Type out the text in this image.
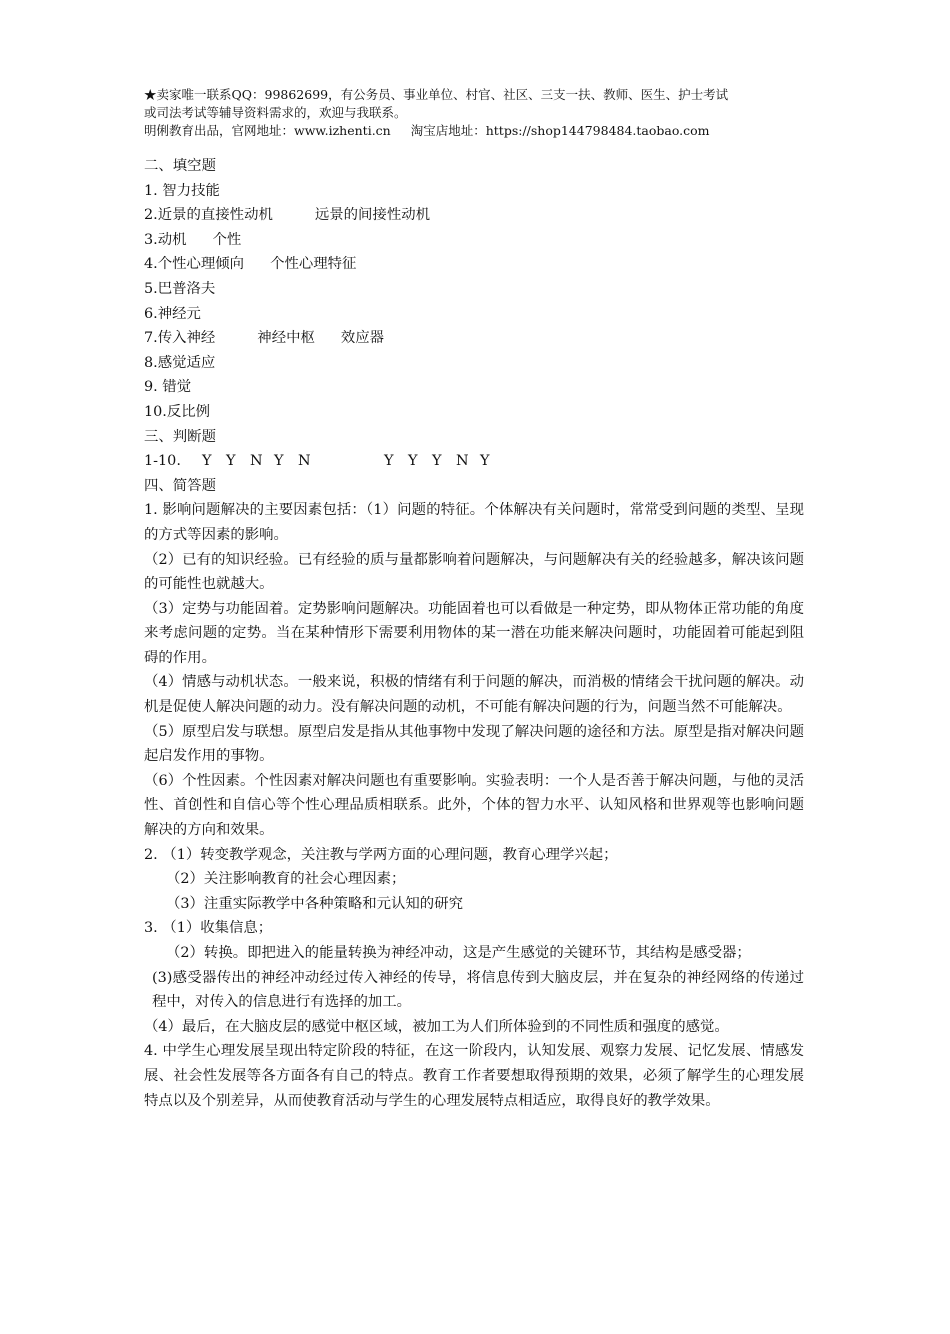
★卖家唯一联系QQ：99862699，有公务员、事业单位、村官、社区、三支一扶、教师、医生、护士考试
或司法考试等辅导资料需求的，欢迎与我联系。
明俐教育出品，官网地址：www.izhenti.cn 淘宝店地址：https://shop144798484.taobao.com
二、填空题
1. 智力技能
2.近景的直接性动机	远景的间接性动机
3.动机 个性
4.个性心理倾向 个性心理特征
5.巴普洛夫
6.神经元
7.传入神经	神经中枢 效应器
8.感觉适应
9. 错觉
10.反比例
三、判断题
1-10. Y Y N Y N	Y Y Y N Y
四、简答题
1. 影响问题解决的主要因素包括：（1）问题的特征。个体解决有关问题时，常常受到问题的类型、呈现的方式等因素的影响。
（2）已有的知识经验。已有经验的质与量都影响着问题解决，与问题解决有关的经验越多，解决该问题的可能性也就越大。
（3）定势与功能固着。定势影响问题解决。功能固着也可以看做是一种定势，即从物体正常功能的角度来考虑问题的定势。当在某种情形下需要利用物体的某一潜在功能来解决问题时，功能固着可能起到阻碍的作用。
（4）情感与动机状态。一般来说，积极的情绪有利于问题的解决，而消极的情绪会干扰问题的解决。动机是促使人解决问题的动力。没有解决问题的动机，不可能有解决问题的行为，问题当然不可能解决。
（5）原型启发与联想。原型启发是指从其他事物中发现了解决问题的途径和方法。原型是指对解决问题起启发作用的事物。
（6）个性因素。个性因素对解决问题也有重要影响。实验表明：一个人是否善于解决问题，与他的灵活性、首创性和自信心等个性心理品质相联系。此外，个体的智力水平、认知风格和世界观等也影响问题解决的方向和效果。
2. （1）转变教学观念，关注教与学两方面的心理问题，教育心理学兴起；
（2）关注影响教育的社会心理因素；
（3）注重实际教学中各种策略和元认知的研究
3. （1）收集信息；
（2）转换。即把进入的能量转换为神经冲动，这是产生感觉的关键环节，其结构是感受器；
(3)感受器传出的神经冲动经过传入神经的传导，将信息传到大脑皮层，并在复杂的神经网络的传递过程中，对传入的信息进行有选择的加工。
（4）最后，在大脑皮层的感觉中枢区域，被加工为人们所体验到的不同性质和强度的感觉。
4. 中学生心理发展呈现出特定阶段的特征，在这一阶段内，认知发展、观察力发展、记忆发展、情感发展、社会性发展等各方面各有自己的特点。教育工作者要想取得预期的效果，必须了解学生的心理发展特点以及个别差异，从而使教育活动与学生的心理发展特点相适应，取得良好的教学效果。
